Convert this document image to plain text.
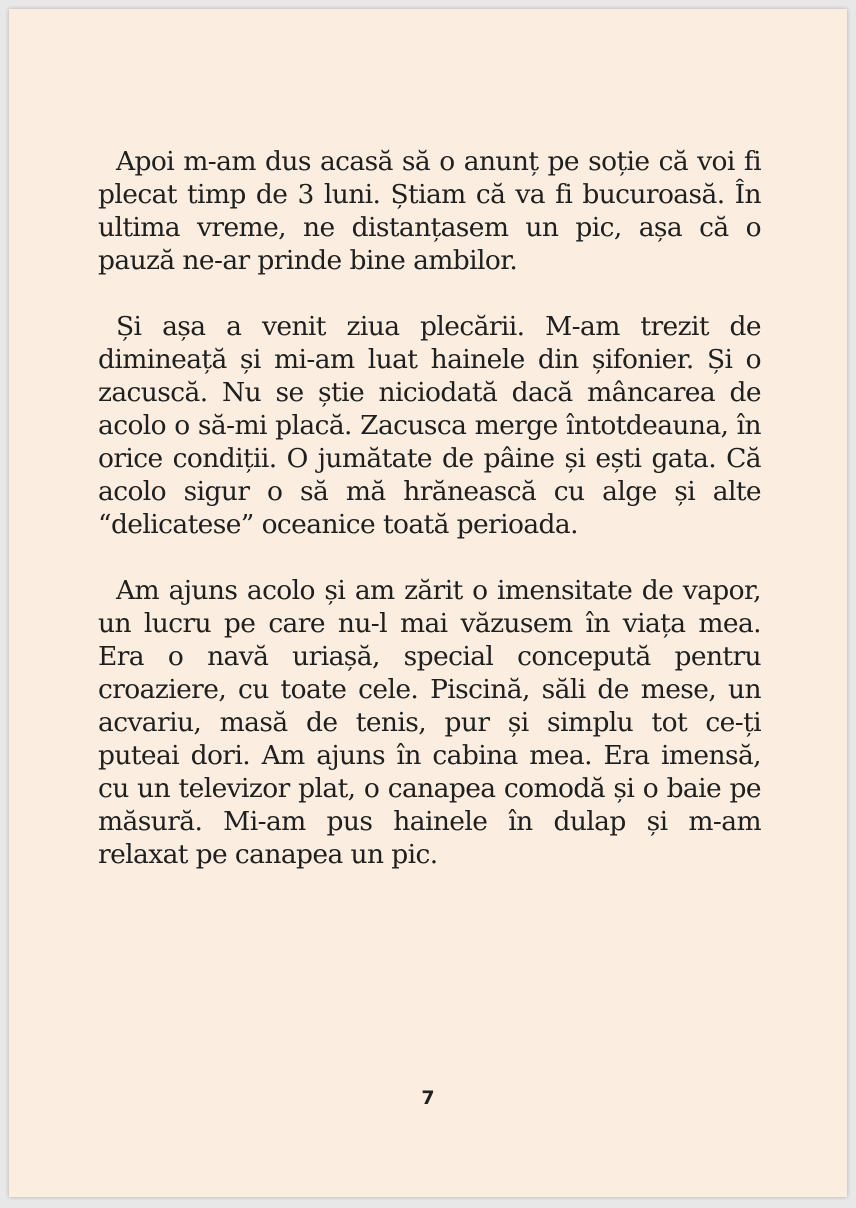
Apoi m-am dus acasă să o anunț pe soție că voi fi plecat timp de 3 luni. Știam că va fi bucuroasă. În ultima vreme, ne distanțasem un pic, așa că o pauză ne-ar prinde bine ambilor.

Și așa a venit ziua plecării. M-am trezit de dimineață și mi-am luat hainele din șifonier. Și o zacuscă. Nu se știe niciodată dacă mâncarea de acolo o să-mi placă. Zacusca merge întotdeauna, în orice condiții. O jumătate de pâine și ești gata. Că acolo sigur o să mă hrănească cu alge și alte “delicatese” oceanice toată perioada.

Am ajuns acolo și am zărit o imensitate de vapor, un lucru pe care nu-l mai văzusem în viața mea. Era o navă uriașă, special concepută pentru croaziere, cu toate cele. Piscină, săli de mese, un acvariu, masă de tenis, pur și simplu tot ce-ți puteai dori. Am ajuns în cabina mea. Era imensă, cu un televizor plat, o canapea comodă și o baie pe măsură. Mi-am pus hainele în dulap și m-am relaxat pe canapea un pic.

7
